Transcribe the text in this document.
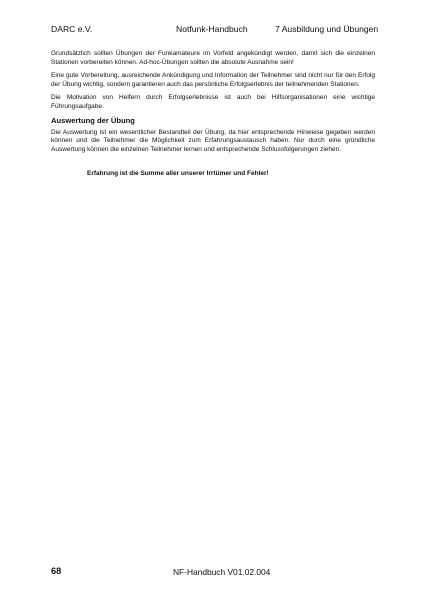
DARC e.V.	Notfunk-Handbuch	7 Ausbildung und Übungen

Grundsätzlich sollten Übungen der Funkamateure im Vorfeld angekündigt werden, damit sich die einzelnen Stationen vorbereiten können. Ad-hoc-Übungen sollten die absolute Ausnahme sein!

Eine gute Vorbereitung, ausreichende Ankündigung und Information der Teilnehmer sind nicht nur für den Erfolg der Übung wichtig, sondern garantieren auch das persönliche Erfolgserlebnis der teilnehmenden Stationen.

Die Motivation von Helfern durch Erfolgserlebnisse ist auch bei Hilfsorganisationen eine wichtige Führungsaufgabe.

Auswertung der Übung

Die Auswertung ist ein wesentlicher Bestandteil der Übung, da hier entsprechende Hinweise gegeben werden können und die Teilnehmer die Möglichkeit zum Erfahrungsaustausch haben. Nur durch eine gründliche Auswertung können die einzelnen Teilnehmer lernen und entsprechende Schlussfolgerungen ziehen.

Erfahrung ist die Summe aller unserer Irrtümer und Fehler!

68	NF-Handbuch V01.02.004
